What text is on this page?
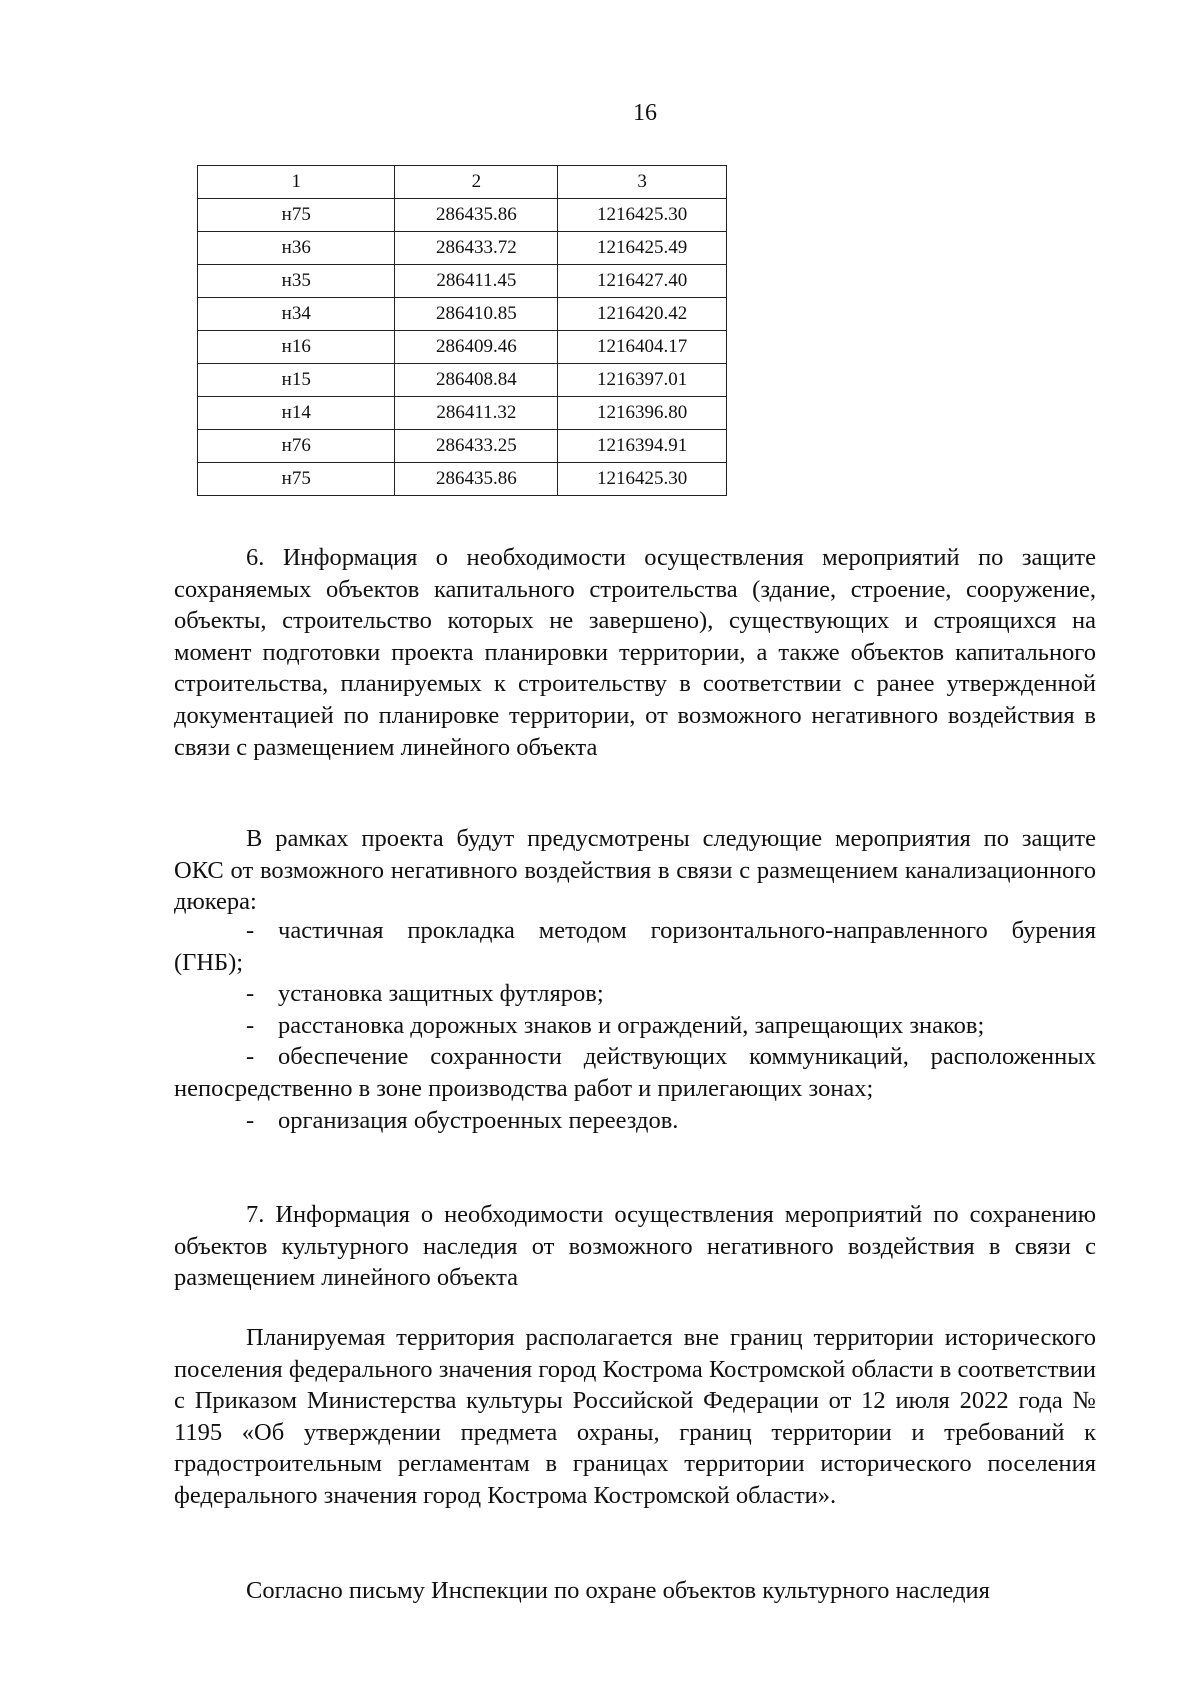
16
1	2	3
н75	286435.86	1216425.30
н36	286433.72	1216425.49
н35	286411.45	1216427.40
н34	286410.85	1216420.42
н16	286409.46	1216404.17
н15	286408.84	1216397.01
н14	286411.32	1216396.80
н76	286433.25	1216394.91
н75	286435.86	1216425.30

6. Информация о необходимости осуществления мероприятий по защите сохраняемых объектов капитального строительства (здание, строение, сооружение, объекты, строительство которых не завершено), существующих и строящихся на момент подготовки проекта планировки территории, а также объектов капитального строительства, планируемых к строительству в соответствии с ранее утвержденной документацией по планировке территории, от возможного негативного воздействия в связи с размещением линейного объекта

В рамках проекта будут предусмотрены следующие мероприятия по защите ОКС от возможного негативного воздействия в связи с размещением канализационного дюкера:

- частичная прокладка методом горизонтального-направленного бурения (ГНБ);

- установка защитных футляров;

- расстановка дорожных знаков и ограждений, запрещающих знаков;

- обеспечение сохранности действующих коммуникаций, расположенных непосредственно в зоне производства работ и прилегающих зонах;

- организация обустроенных переездов.

7. Информация о необходимости осуществления мероприятий по сохранению объектов культурного наследия от возможного негативного воздействия в связи с размещением линейного объекта

Планируемая территория располагается вне границ территории исторического поселения федерального значения город Кострома Костромской области в соответствии с Приказом Министерства культуры Российской Федерации от 12 июля 2022 года № 1195 «Об утверждении предмета охраны, границ территории и требований к градостроительным регламентам в границах территории исторического поселения федерального значения город Кострома Костромской области».

Согласно письму Инспекции по охране объектов культурного наследия
